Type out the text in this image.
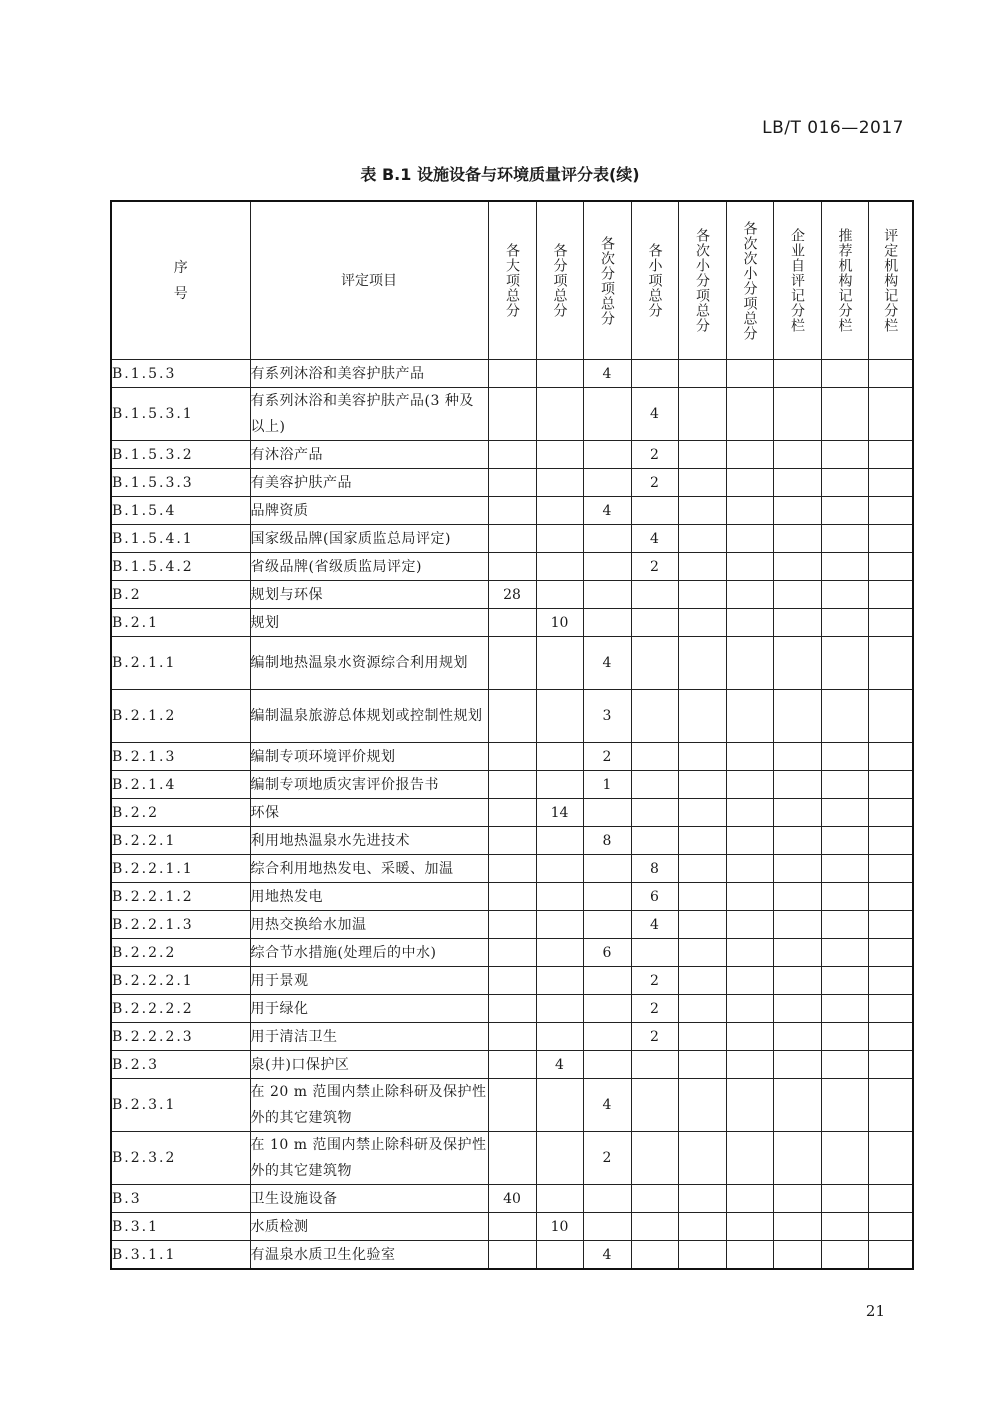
LB/T 016—2017
表 B.1 设施设备与环境质量评分表(续)
序
号	评定项目	各大项总分	各分项总分	各次分项总分	各小项总分	各次小分项总分	各次次小分项总分	企业自评记分栏	推荐机构记分栏	评定机构记分栏

B.1.5.3	有系列沐浴和美容护肤产品			4						
B.1.5.3.1	有系列沐浴和美容护肤产品(3 种及以上)				4					
B.1.5.3.2	有沐浴产品				2					
B.1.5.3.3	有美容护肤产品				2					
B.1.5.4	品牌资质			4						
B.1.5.4.1	国家级品牌(国家质监总局评定)				4					
B.1.5.4.2	省级品牌(省级质监局评定)				2					
B.2	规划与环保	28								
B.2.1	规划		10							
B.2.1.1	编制地热温泉水资源综合利用规划			4						
B.2.1.2	编制温泉旅游总体规划或控制性规划			3						
B.2.1.3	编制专项环境评价规划			2						
B.2.1.4	编制专项地质灾害评价报告书			1						
B.2.2	环保		14							
B.2.2.1	利用地热温泉水先进技术			8						
B.2.2.1.1	综合利用地热发电、采暖、加温				8					
B.2.2.1.2	用地热发电				6					
B.2.2.1.3	用热交换给水加温				4					
B.2.2.2	综合节水措施(处理后的中水)			6						
B.2.2.2.1	用于景观				2					
B.2.2.2.2	用于绿化				2					
B.2.2.2.3	用于清洁卫生				2					
B.2.3	泉(井)口保护区		4							
B.2.3.1	在 20 m 范围内禁止除科研及保护性外的其它建筑物			4						
B.2.3.2	在 10 m 范围内禁止除科研及保护性外的其它建筑物			2						
B.3	卫生设施设备	40								
B.3.1	水质检测		10							
B.3.1.1	有温泉水质卫生化验室			4						
21
